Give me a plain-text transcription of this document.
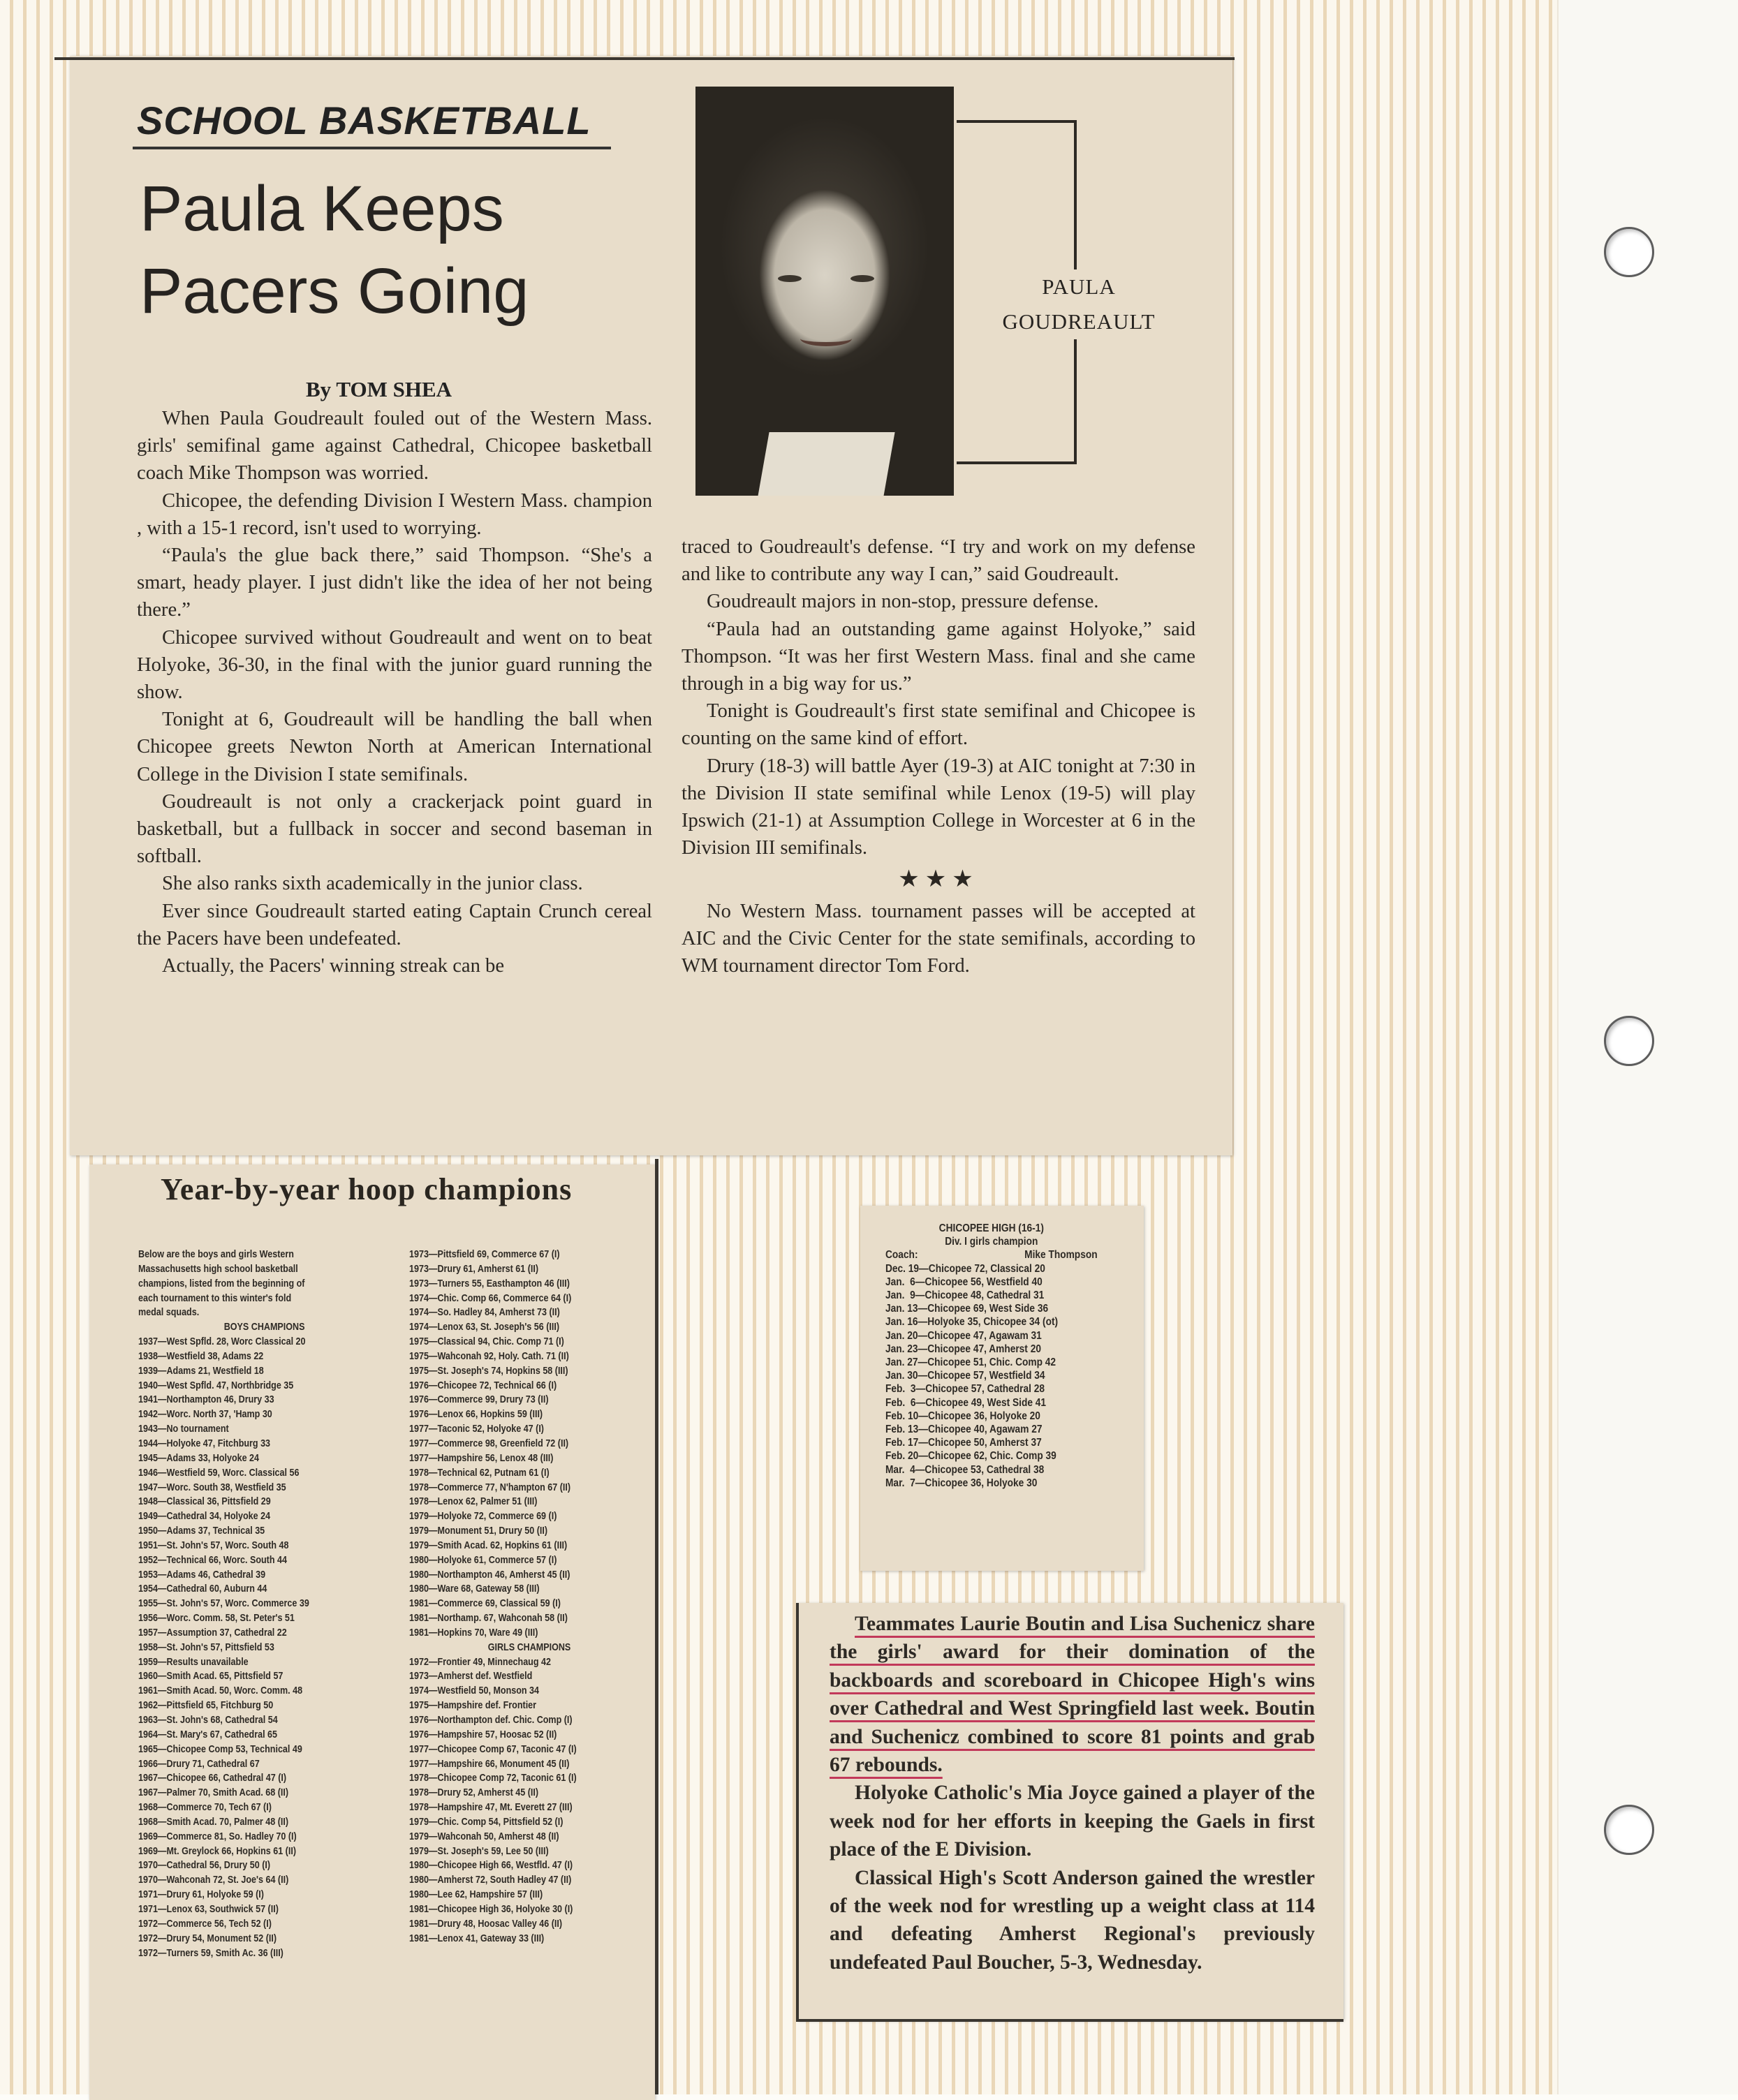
SCHOOL BASKETBALL
Paula Keeps
Pacers Going
By TOM SHEA

When Paula Goudreault fouled out of the Western Mass. girls' semifinal game against Cathedral, Chicopee basketball coach Mike Thompson was worried.

Chicopee, the defending Division I Western Mass. champion , with a 15-1 record, isn't used to worrying.

“Paula's the glue back there,” said Thompson. “She's a smart, heady player. I just didn't like the idea of her not being there.”

Chicopee survived without Goudreault and went on to beat Holyoke, 36-30, in the final with the junior guard running the show.

Tonight at 6, Goudreault will be handling the ball when Chicopee greets Newton North at American International College in the Division I state semifinals.

Goudreault is not only a crackerjack point guard in basketball, but a fullback in soccer and second baseman in softball.

She also ranks sixth academically in the junior class.

Ever since Goudreault started eating Captain Crunch cereal the Pacers have been undefeated.

Actually, the Pacers' winning streak can be

PAULA
GOUDREAULT

traced to Goudreault's defense. “I try and work on my defense and like to contribute any way I can,” said Goudreault.

Goudreault majors in non-stop, pressure defense.

“Paula had an outstanding game against Holyoke,” said Thompson. “It was her first Western Mass. final and she came through in a big way for us.”

Tonight is Goudreault's first state semifinal and Chicopee is counting on the same kind of effort.

Drury (18-3) will battle Ayer (19-3) at AIC tonight at 7:30 in the Division II state semifinal while Lenox (19-5) will play Ipswich (21-1) at Assumption College in Worcester at 6 in the Division III semifinals.

★★★

No Western Mass. tournament passes will be accepted at AIC and the Civic Center for the state semifinals, according to WM tournament director Tom Ford.

Year-by-year hoop champions
Below are the boys and girls Western
Massachusetts high school basketball
champions, listed from the beginning of
each tournament to this winter's fold
medal squads.

BOYS CHAMPIONS
1937—West Spfld. 28, Worc Classical 20
1938—Westfield 38, Adams 22
1939—Adams 21, Westfield 18
1940—West Spfld. 47, Northbridge 35
1941—Northampton 46, Drury 33
1942—Worc. North 37, 'Hamp 30
1943—No tournament
1944—Holyoke 47, Fitchburg 33
1945—Adams 33, Holyoke 24
1946—Westfield 59, Worc. Classical 56
1947—Worc. South 38, Westfield 35
1948—Classical 36, Pittsfield 29
1949—Cathedral 34, Holyoke 24
1950—Adams 37, Technical 35
1951—St. John's 57, Worc. South 48
1952—Technical 66, Worc. South 44
1953—Adams 46, Cathedral 39
1954—Cathedral 60, Auburn 44
1955—St. John's 57, Worc. Commerce 39
1956—Worc. Comm. 58, St. Peter's 51
1957—Assumption 37, Cathedral 22
1958—St. John's 57, Pittsfield 53
1959—Results unavailable
1960—Smith Acad. 65, Pittsfield 57
1961—Smith Acad. 50, Worc. Comm. 48
1962—Pittsfield 65, Fitchburg 50
1963—St. John's 68, Cathedral 54
1964—St. Mary's 67, Cathedral 65
1965—Chicopee Comp 53, Technical 49
1966—Drury 71, Cathedral 67
1967—Chicopee 66, Cathedral 47 (I)
1967—Palmer 70, Smith Acad. 68 (II)
1968—Commerce 70, Tech 67 (I)
1968—Smith Acad. 70, Palmer 48 (II)
1969—Commerce 81, So. Hadley 70 (I)
1969—Mt. Greylock 66, Hopkins 61 (II)
1970—Cathedral 56, Drury 50 (I)
1970—Wahconah 72, St. Joe's 64 (II)
1971—Drury 61, Holyoke 59 (I)
1971—Lenox 63, Southwick 57 (II)
1972—Commerce 56, Tech 52 (I)
1972—Drury 54, Monument 52 (II)
1972—Turners 59, Smith Ac. 36 (III)
1973—Pittsfield 69, Commerce 67 (I)
1973—Drury 61, Amherst 61 (II)
1973—Turners 55, Easthampton 46 (III)
1974—Chic. Comp 66, Commerce 64 (I)
1974—So. Hadley 84, Amherst 73 (II)
1974—Lenox 63, St. Joseph's 56 (III)
1975—Classical 94, Chic. Comp 71 (I)
1975—Wahconah 92, Holy. Cath. 71 (II)
1975—St. Joseph's 74, Hopkins 58 (III)
1976—Chicopee 72, Technical 66 (I)
1976—Commerce 99, Drury 73 (II)
1976—Lenox 66, Hopkins 59 (III)
1977—Taconic 52, Holyoke 47 (I)
1977—Commerce 98, Greenfield 72 (II)
1977—Hampshire 56, Lenox 48 (III)
1978—Technical 62, Putnam 61 (I)
1978—Commerce 77, N'hampton 67 (II)
1978—Lenox 62, Palmer 51 (III)
1979—Holyoke 72, Commerce 69 (I)
1979—Monument 51, Drury 50 (II)
1979—Smith Acad. 62, Hopkins 61 (III)
1980—Holyoke 61, Commerce 57 (I)
1980—Northampton 46, Amherst 45 (II)
1980—Ware 68, Gateway 58 (III)
1981—Commerce 69, Classical 59 (I)
1981—Northamp. 67, Wahconah 58 (II)
1981—Hopkins 70, Ware 49 (III)

GIRLS CHAMPIONS
1972—Frontier 49, Minnechaug 42
1973—Amherst def. Westfield
1974—Westfield 50, Monson 34
1975—Hampshire def. Frontier
1976—Northampton def. Chic. Comp (I)
1976—Hampshire 57, Hoosac 52 (II)
1977—Chicopee Comp 67, Taconic 47 (I)
1977—Hampshire 66, Monument 45 (II)
1978—Chicopee Comp 72, Taconic 61 (I)
1978—Drury 52, Amherst 45 (II)
1978—Hampshire 47, Mt. Everett 27 (III)
1979—Chic. Comp 54, Pittsfield 52 (I)
1979—Wahconah 50, Amherst 48 (II)
1979—St. Joseph's 59, Lee 50 (III)
1980—Chicopee High 66, Westfld. 47 (I)
1980—Amherst 72, South Hadley 47 (II)
1980—Lee 62, Hampshire 57 (III)
1981—Chicopee High 36, Holyoke 30 (I)
1981—Drury 48, Hoosac Valley 46 (II)
1981—Lenox 41, Gateway 33 (III)
CHICOPEE HIGH (16-1)
Div. I girls champion
Coach:	Mike Thompson
Dec. 19—Chicopee 72, Classical 20
Jan.  6—Chicopee 56, Westfield 40
Jan.  9—Chicopee 48, Cathedral 31
Jan. 13—Chicopee 69, West Side 36
Jan. 16—Holyoke 35, Chicopee 34 (ot)
Jan. 20—Chicopee 47, Agawam 31
Jan. 23—Chicopee 47, Amherst 20
Jan. 27—Chicopee 51, Chic. Comp 42
Jan. 30—Chicopee 57, Westfield 34
Feb.  3—Chicopee 57, Cathedral 28
Feb.  6—Chicopee 49, West Side 41
Feb. 10—Chicopee 36, Holyoke 20
Feb. 13—Chicopee 40, Agawam 27
Feb. 17—Chicopee 50, Amherst 37
Feb. 20—Chicopee 62, Chic. Comp 39
Mar.  4—Chicopee 53, Cathedral 38
Mar.  7—Chicopee 36, Holyoke 30

Teammates Laurie Boutin and Lisa Suchenicz share the girls' award for their domination of the backboards and scoreboard in Chicopee High's wins over Cathedral and West Springfield last week. Boutin and Suchenicz combined to score 81 points and grab 67 rebounds.

Holyoke Catholic's Mia Joyce gained a player of the week nod for her efforts in keeping the Gaels in first place of the E Division.

Classical High's Scott Anderson gained the wrestler of the week nod for wrestling up a weight class at 114 and defeating Amherst Regional's previously undefeated Paul Boucher, 5-3, Wednesday.
